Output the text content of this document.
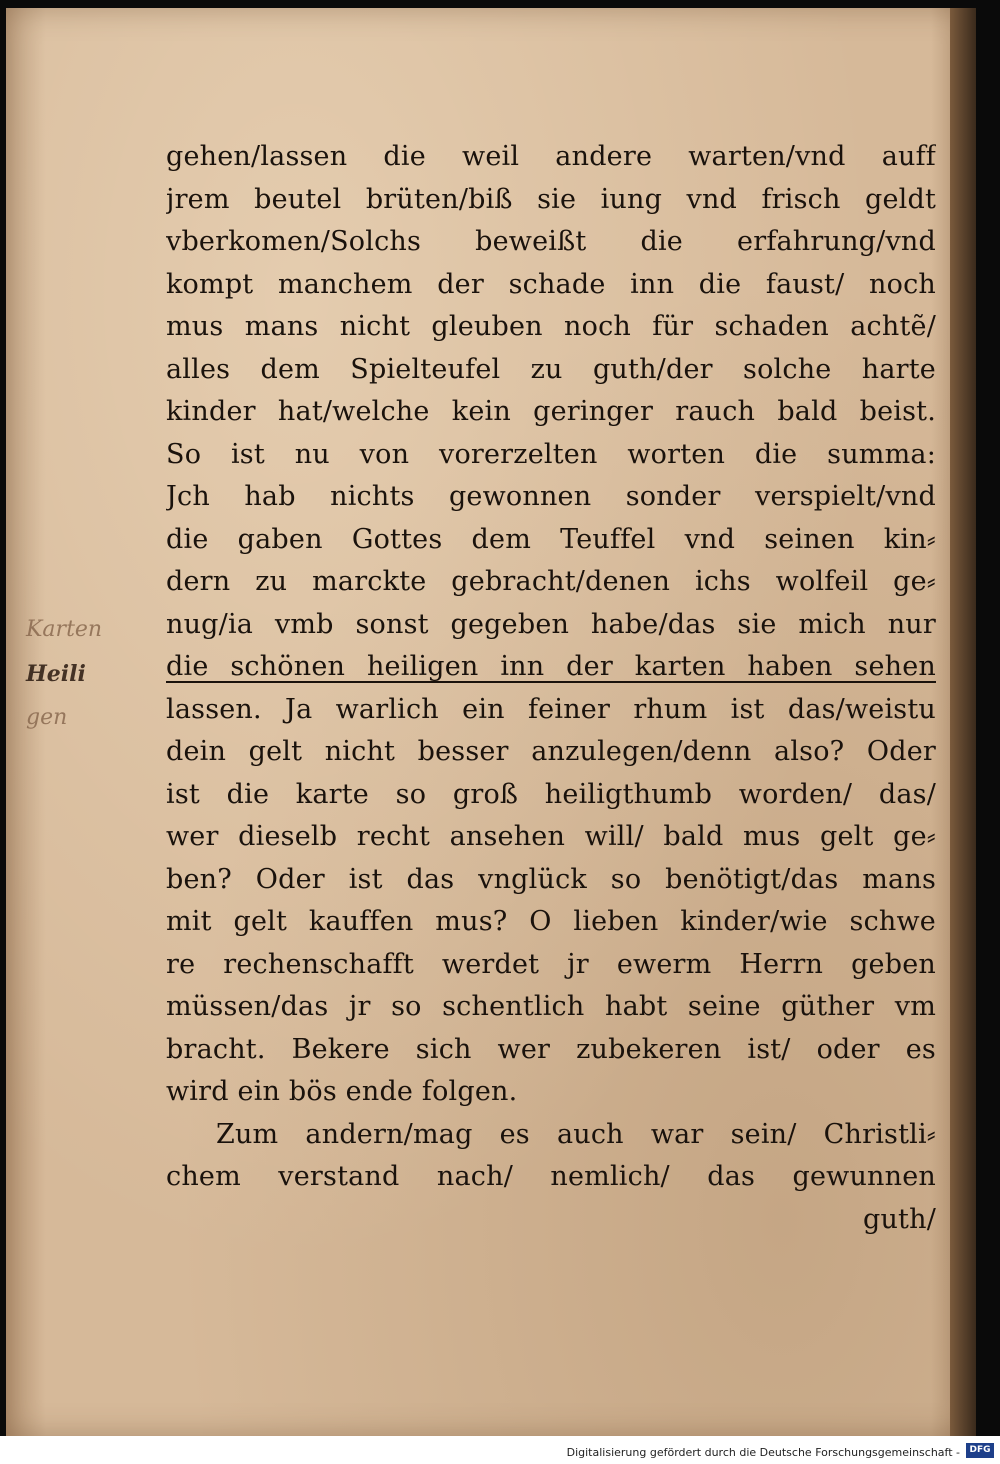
Karten
Heili
gen
gehen/lassen die weil andere warten/vnd auff
jrem beutel brüten/biß sie iung vnd frisch geldt
vberkomen/Solchs beweißt die erfahrung/vnd
kompt manchem der schade inn die faust/ noch
mus mans nicht gleuben noch für schaden achtẽ/
alles dem Spielteufel zu guth/der solche harte
kinder hat/welche kein geringer rauch bald beist.
So ist nu von vorerzelten worten die summa:
Jch hab nichts gewonnen sonder verspielt/vnd
die gaben Gottes dem Teuffel vnd seinen kin⸗
dern zu marckte gebracht/denen ichs wolfeil ge⸗
nug/ia vmb sonst gegeben habe/das sie mich nur
die schönen heiligen inn der karten haben sehen
lassen. Ja warlich ein feiner rhum ist das/weistu
dein gelt nicht besser anzulegen/denn also? Oder
ist die karte so groß heiligthumb worden/ das/
wer dieselb recht ansehen will/ bald mus gelt ge⸗
ben? Oder ist das vnglück so benötigt/das mans
mit gelt kauffen mus? O lieben kinder/wie schwe
re rechenschafft werdet jr ewerm Herrn geben
müssen/das jr so schentlich habt seine güther vm
bracht. Bekere sich wer zubekeren ist/ oder es
wird ein bös ende folgen.
Zum andern/mag es auch war sein/ Christli⸗
chem verstand nach/ nemlich/ das gewunnen
guth/
Digitalisierung gefördert durch die Deutsche Forschungsgemeinschaft -	DFG
